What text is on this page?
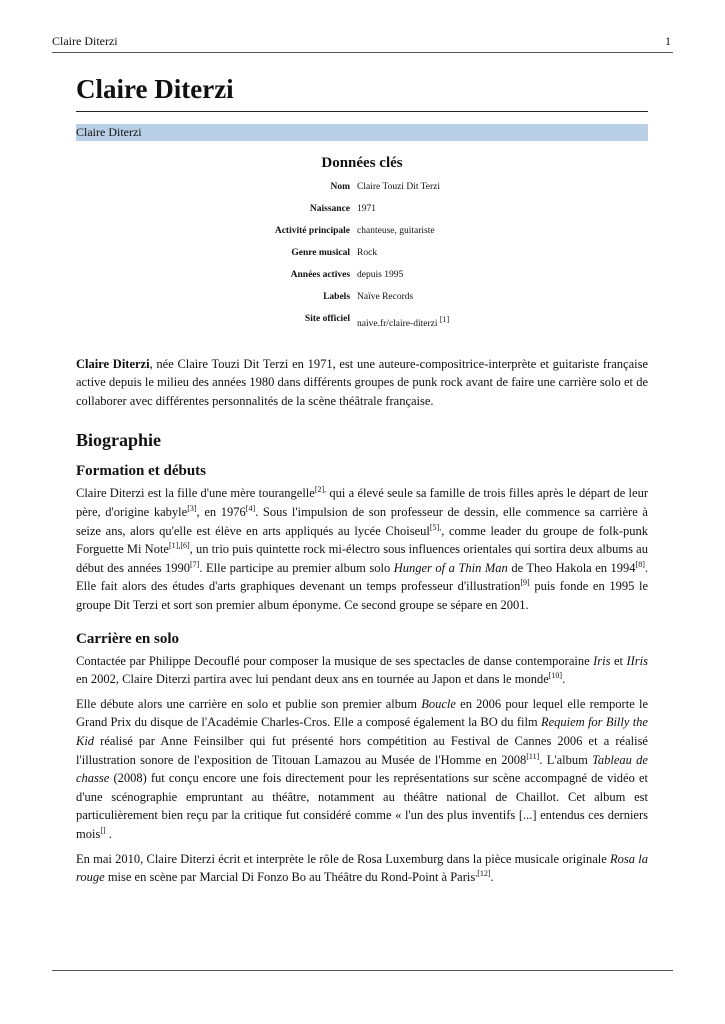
Claire Diterzi	1
Claire Diterzi
Claire Diterzi
Données clés
Nom	Claire Touzi Dit Terzi
Naissance	1971
Activité principale	chanteuse, guitariste
Genre musical	Rock
Années actives	depuis 1995
Labels	Naïve Records
Site officiel	naive.fr/claire-diterzi [1]

Claire Diterzi, née Claire Touzi Dit Terzi en 1971, est une auteure-compositrice-interprète et guitariste française active depuis le milieu des années 1980 dans différents groupes de punk rock avant de faire une carrière solo et de collaborer avec différentes personnalités de la scène théâtrale française.

Biographie
Formation et débuts

Claire Diterzi est la fille d'une mère tourangelle$^{[2],}$ qui a élevé seule sa famille de trois filles après le départ de leur père, d'origine kabyle[3], en 1976[4]. Sous l'impulsion de son professeur de dessin, elle commence sa carrière à seize ans, alors qu'elle est élève en arts appliqués au lycée Choiseul$^{[5],}$, comme leader du groupe de folk-punk Forguette Mi Note[1],[6], un trio puis quintette rock mi-électro sous influences orientales qui sortira deux albums au début des années 1990[7]. Elle participe au premier album solo Hunger of a Thin Man de Theo Hakola en 1994[8]. Elle fait alors des études d'arts graphiques devenant un temps professeur d'illustration[9] puis fonde en 1995 le groupe Dit Terzi et sort son premier album éponyme. Ce second groupe se sépare en 2001.

Carrière en solo

Contactée par Philippe Decouflé pour composer la musique de ses spectacles de danse contemporaine Iris et IIris en 2002, Claire Diterzi partira avec lui pendant deux ans en tournée au Japon et dans le monde[10].

Elle débute alors une carrière en solo et publie son premier album Boucle en 2006 pour lequel elle remporte le Grand Prix du disque de l'Académie Charles-Cros. Elle a composé également la BO du film Requiem for Billy the Kid réalisé par Anne Feinsilber qui fut présenté hors compétition au Festival de Cannes 2006 et a réalisé l'illustration sonore de l'exposition de Titouan Lamazou au Musée de l'Homme en 2008[11]. L'album Tableau de chasse (2008) fut conçu encore une fois directement pour les représentations sur scène accompagné de vidéo et d'une scénographie empruntant au théâtre, notamment au théâtre national de Chaillot. Cet album est particulièrement bien reçu par la critique fut considéré comme « l'un des plus inventifs [...] entendus ces derniers mois[] .

En mai 2010, Claire Diterzi écrit et interprète le rôle de Rosa Luxemburg dans la pièce musicale originale Rosa la rouge mise en scène par Marcial Di Fonzo Bo au Théâtre du Rond-Point à Paris$^{,[12]}$.
